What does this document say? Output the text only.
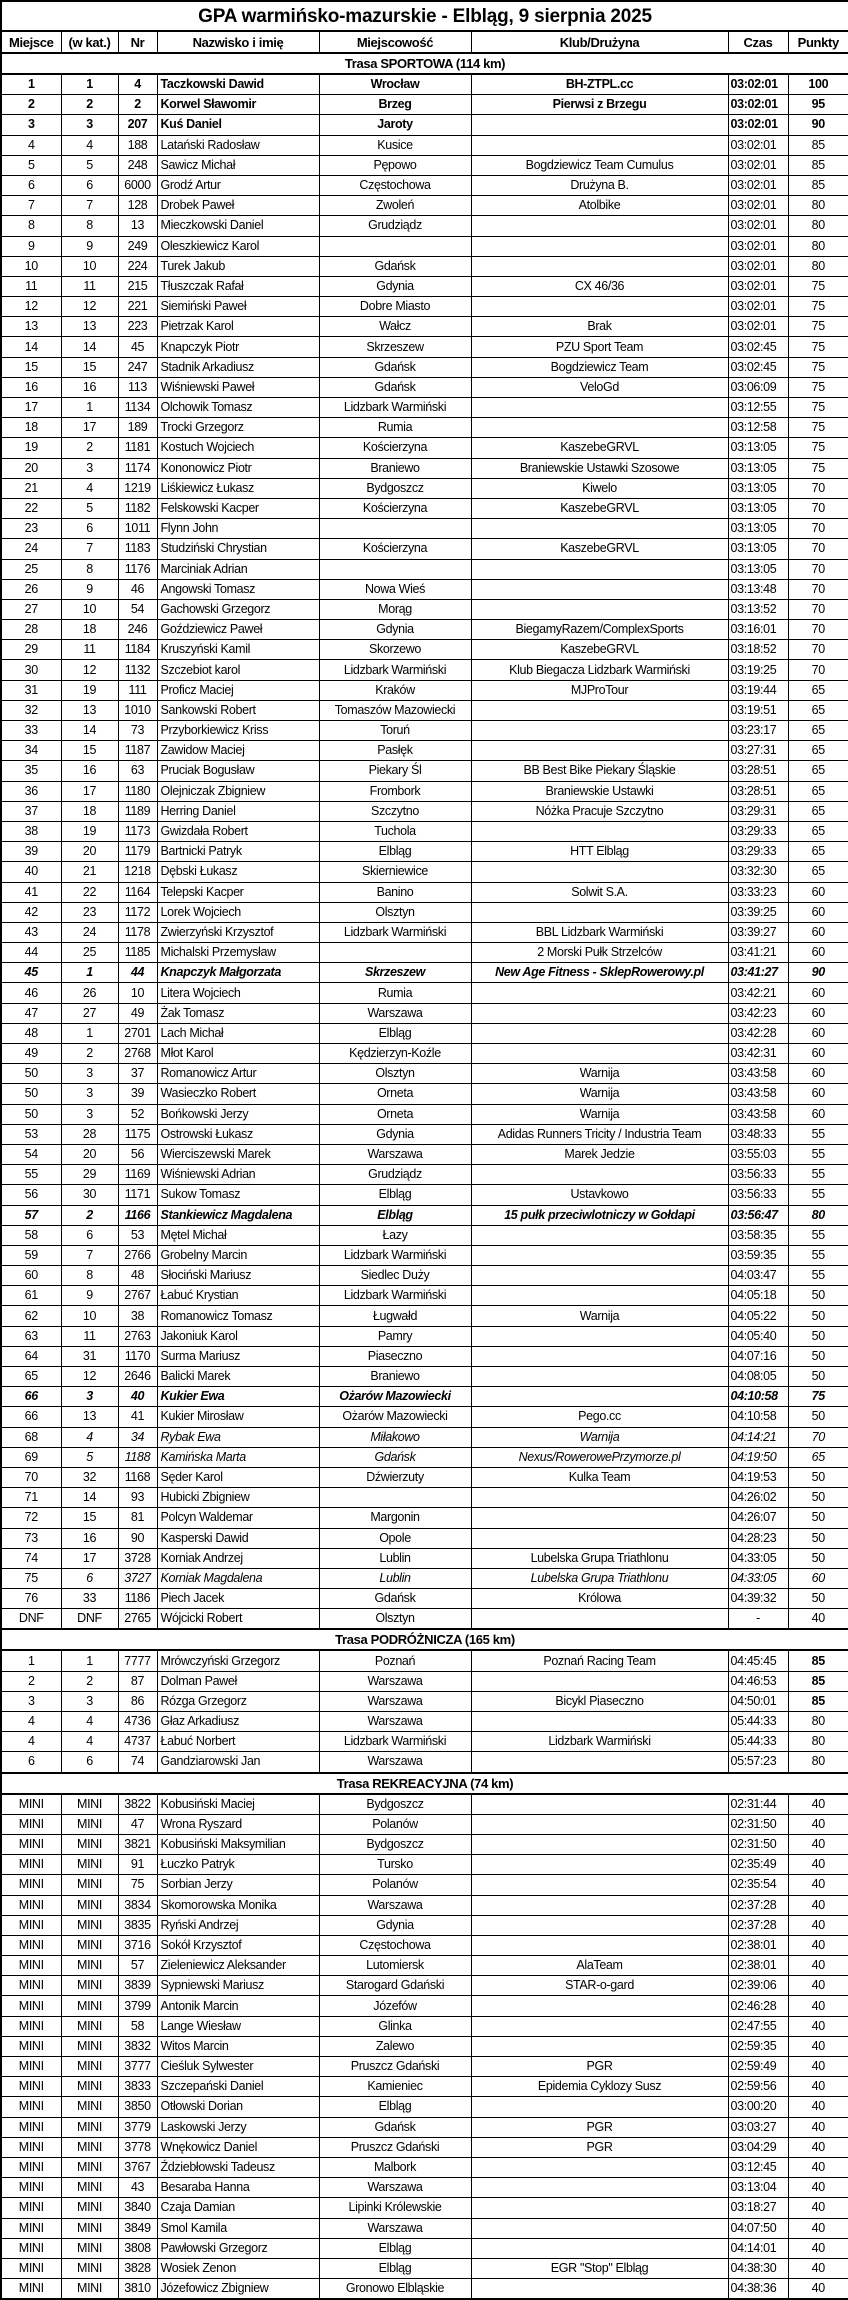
GPA warmińsko-mazurskie - Elbląg, 9 sierpnia 2025							
Miejsce	(w kat.)	Nr	Nazwisko i imię	Miejscowość	Klub/Drużyna	Czas	Punkty
Trasa SPORTOWA (114 km)							
1	1	4	Taczkowski Dawid	Wrocław	BH-ZTPL.cc	03:02:01	100
2	2	2	Korwel Sławomir	Brzeg	Pierwsi z Brzegu	03:02:01	95
3	3	207	Kuś Daniel	Jaroty		03:02:01	90
4	4	188	Latański Radosław	Kusice		03:02:01	85
5	5	248	Sawicz Michał	Pępowo	Bogdziewicz Team Cumulus	03:02:01	85
6	6	6000	Grodź Artur	Częstochowa	Drużyna B.	03:02:01	85
7	7	128	Drobek Paweł	Zwoleń	Atolbike	03:02:01	80
8	8	13	Mieczkowski Daniel	Grudziądz		03:02:01	80
9	9	249	Oleszkiewicz Karol			03:02:01	80
10	10	224	Turek Jakub	Gdańsk		03:02:01	80
11	11	215	Tłuszczak Rafał	Gdynia	CX 46/36	03:02:01	75
12	12	221	Siemiński Paweł	Dobre Miasto		03:02:01	75
13	13	223	Pietrzak Karol	Wałcz	Brak	03:02:01	75
14	14	45	Knapczyk Piotr	Skrzeszew	PZU Sport Team	03:02:45	75
15	15	247	Stadnik Arkadiusz	Gdańsk	Bogdziewicz Team	03:02:45	75
16	16	113	Wiśniewski Paweł	Gdańsk	VeloGd	03:06:09	75
17	1	1134	Olchowik Tomasz	Lidzbark Warmiński		03:12:55	75
18	17	189	Trocki Grzegorz	Rumia		03:12:58	75
19	2	1181	Kostuch Wojciech	Kościerzyna	KaszebeGRVL	03:13:05	75
20	3	1174	Kononowicz Piotr	Braniewo	Braniewskie Ustawki Szosowe	03:13:05	75
21	4	1219	Liśkiewicz Łukasz	Bydgoszcz	Kiwelo	03:13:05	70
22	5	1182	Felskowski Kacper	Kościerzyna	KaszebeGRVL	03:13:05	70
23	6	1011	Flynn John			03:13:05	70
24	7	1183	Studziński Chrystian	Kościerzyna	KaszebeGRVL	03:13:05	70
25	8	1176	Marciniak Adrian			03:13:05	70
26	9	46	Angowski Tomasz	Nowa Wieś		03:13:48	70
27	10	54	Gachowski Grzegorz	Morąg		03:13:52	70
28	18	246	Goździewicz Paweł	Gdynia	BiegamyRazem/ComplexSports	03:16:01	70
29	11	1184	Kruszyński Kamil	Skorzewo	KaszebeGRVL	03:18:52	70
30	12	1132	Szczebiot karol	Lidzbark Warmiński	Klub Biegacza Lidzbark Warmiński	03:19:25	70
31	19	111	Proficz Maciej	Kraków	MJProTour	03:19:44	65
32	13	1010	Sankowski Robert	Tomaszów Mazowiecki		03:19:51	65
33	14	73	Przyborkiewicz Kriss	Toruń		03:23:17	65
34	15	1187	Zawidow Maciej	Pasłęk		03:27:31	65
35	16	63	Pruciak Bogusław	Piekary Śl	BB Best Bike Piekary Śląskie	03:28:51	65
36	17	1180	Olejniczak Zbigniew	Frombork	Braniewskie Ustawki	03:28:51	65
37	18	1189	Herring Daniel	Szczytno	Nóżka Pracuje Szczytno	03:29:31	65
38	19	1173	Gwizdała Robert	Tuchola		03:29:33	65
39	20	1179	Bartnicki Patryk	Elbląg	HTT Elbląg	03:29:33	65
40	21	1218	Dębski Łukasz	Skierniewice		03:32:30	65
41	22	1164	Telepski Kacper	Banino	Solwit S.A.	03:33:23	60
42	23	1172	Lorek Wojciech	Olsztyn		03:39:25	60
43	24	1178	Zwierzyński Krzysztof	Lidzbark Warmiński	BBL Lidzbark Warmiński	03:39:27	60
44	25	1185	Michalski Przemysław		2 Morski Pułk Strzelców	03:41:21	60
45	1	44	Knapczyk Małgorzata	Skrzeszew	New Age Fitness - SklepRowerowy.pl	03:41:27	90
46	26	10	Litera Wojciech	Rumia		03:42:21	60
47	27	49	Żak Tomasz	Warszawa		03:42:23	60
48	1	2701	Lach Michał	Elbląg		03:42:28	60
49	2	2768	Młot Karol	Kędzierzyn-Koźle		03:42:31	60
50	3	37	Romanowicz Artur	Olsztyn	Warnija	03:43:58	60
50	3	39	Wasieczko Robert	Orneta	Warnija	03:43:58	60
50	3	52	Bońkowski Jerzy	Orneta	Warnija	03:43:58	60
53	28	1175	Ostrowski Łukasz	Gdynia	Adidas Runners Tricity / Industria Team	03:48:33	55
54	20	56	Wierciszewski Marek	Warszawa	Marek Jedzie	03:55:03	55
55	29	1169	Wiśniewski Adrian	Grudziądz		03:56:33	55
56	30	1171	Sukow Tomasz	Elbląg	Ustavkowo	03:56:33	55
57	2	1166	Stankiewicz Magdalena	Elbląg	15 pułk przeciwlotniczy w Gołdapi	03:56:47	80
58	6	53	Mętel Michał	Łazy		03:58:35	55
59	7	2766	Grobelny Marcin	Lidzbark Warmiński		03:59:35	55
60	8	48	Słociński Mariusz	Siedlec Duży		04:03:47	55
61	9	2767	Łabuć Krystian	Lidzbark Warmiński		04:05:18	50
62	10	38	Romanowicz Tomasz	Ługwałd	Warnija	04:05:22	50
63	11	2763	Jakoniuk Karol	Pamry		04:05:40	50
64	31	1170	Surma Mariusz	Piaseczno		04:07:16	50
65	12	2646	Balicki Marek	Braniewo		04:08:05	50
66	3	40	Kukier Ewa	Ożarów Mazowiecki		04:10:58	75
66	13	41	Kukier Mirosław	Ożarów Mazowiecki	Pego.cc	04:10:58	50
68	4	34	Rybak Ewa	Miłakowo	Warnija	04:14:21	70
69	5	1188	Kamińska Marta	Gdańsk	Nexus/RowerowePrzymorze.pl	04:19:50	65
70	32	1168	Sęder Karol	Dźwierzuty	Kulka Team	04:19:53	50
71	14	93	Hubicki Zbigniew			04:26:02	50
72	15	81	Polcyn Waldemar	Margonin		04:26:07	50
73	16	90	Kasperski Dawid	Opole		04:28:23	50
74	17	3728	Korniak Andrzej	Lublin	Lubelska Grupa Triathlonu	04:33:05	50
75	6	3727	Korniak Magdalena	Lublin	Lubelska Grupa Triathlonu	04:33:05	60
76	33	1186	Piech Jacek	Gdańsk	Królowa	04:39:32	50
DNF	DNF	2765	Wójcicki Robert	Olsztyn		-	40
Trasa PODRÓŻNICZA (165 km)							
1	1	7777	Mrówczyński Grzegorz	Poznań	Poznań Racing Team	04:45:45	85
2	2	87	Dolman Paweł	Warszawa		04:46:53	85
3	3	86	Rózga Grzegorz	Warszawa	Bicykl Piaseczno	04:50:01	85
4	4	4736	Głaz Arkadiusz	Warszawa		05:44:33	80
4	4	4737	Łabuć Norbert	Lidzbark Warmiński	Lidzbark Warmiński	05:44:33	80
6	6	74	Gandziarowski Jan	Warszawa		05:57:23	80
Trasa REKREACYJNA (74 km)							
MINI	MINI	3822	Kobusiński Maciej	Bydgoszcz		02:31:44	40
MINI	MINI	47	Wrona Ryszard	Polanów		02:31:50	40
MINI	MINI	3821	Kobusiński Maksymilian	Bydgoszcz		02:31:50	40
MINI	MINI	91	Łuczko Patryk	Tursko		02:35:49	40
MINI	MINI	75	Sorbian Jerzy	Polanów		02:35:54	40
MINI	MINI	3834	Skomorowska Monika	Warszawa		02:37:28	40
MINI	MINI	3835	Ryński Andrzej	Gdynia		02:37:28	40
MINI	MINI	3716	Sokół Krzysztof	Częstochowa		02:38:01	40
MINI	MINI	57	Zieleniewicz Aleksander	Lutomiersk	AlaTeam	02:38:01	40
MINI	MINI	3839	Sypniewski Mariusz	Starogard Gdański	STAR-o-gard	02:39:06	40
MINI	MINI	3799	Antonik Marcin	Józefów		02:46:28	40
MINI	MINI	58	Lange Wiesław	Glinka		02:47:55	40
MINI	MINI	3832	Witos Marcin	Zalewo		02:59:35	40
MINI	MINI	3777	Cieśluk Sylwester	Pruszcz Gdański	PGR	02:59:49	40
MINI	MINI	3833	Szczepański Daniel	Kamieniec	Epidemia Cyklozy Susz	02:59:56	40
MINI	MINI	3850	Otłowski Dorian	Elbląg		03:00:20	40
MINI	MINI	3779	Laskowski Jerzy	Gdańsk	PGR	03:03:27	40
MINI	MINI	3778	Wnękowicz Daniel	Pruszcz Gdański	PGR	03:04:29	40
MINI	MINI	3767	Ździebłowski Tadeusz	Malbork		03:12:45	40
MINI	MINI	43	Besaraba Hanna	Warszawa		03:13:04	40
MINI	MINI	3840	Czaja Damian	Lipinki Królewskie		03:18:27	40
MINI	MINI	3849	Smol Kamila	Warszawa		04:07:50	40
MINI	MINI	3808	Pawłowski Grzegorz	Elbląg		04:14:01	40
MINI	MINI	3828	Wosiek Zenon	Elbląg	EGR "Stop" Elbląg	04:38:30	40
MINI	MINI	3810	Józefowicz Zbigniew	Gronowo Elbląskie		04:38:36	40
